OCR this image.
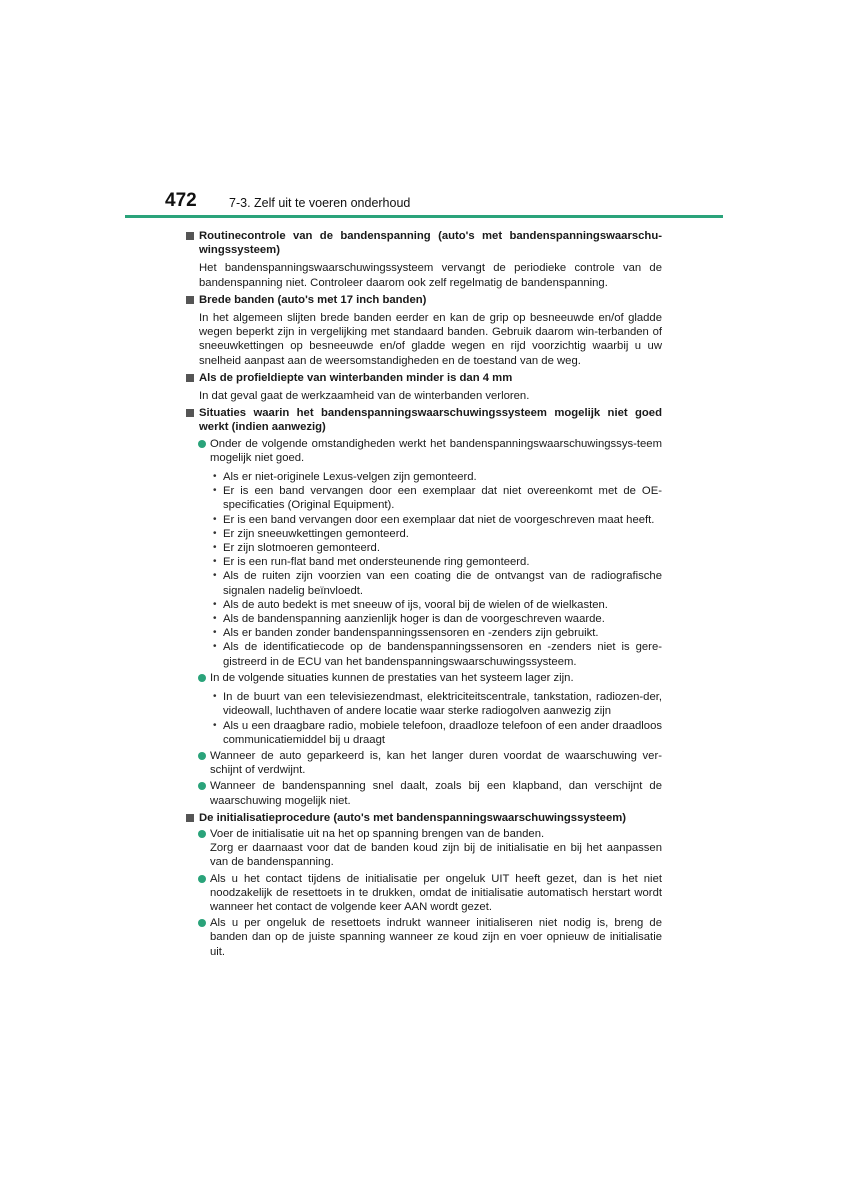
472	7-3. Zelf uit te voeren onderhoud
Routinecontrole van de bandenspanning (auto's met bandenspanningswaarschu-wingssysteem)
Het bandenspanningswaarschuwingssysteem vervangt de periodieke controle van de bandenspanning niet. Controleer daarom ook zelf regelmatig de bandenspanning.
Brede banden (auto's met 17 inch banden)
In het algemeen slijten brede banden eerder en kan de grip op besneeuwde en/of gladde wegen beperkt zijn in vergelijking met standaard banden. Gebruik daarom win-terbanden of sneeuwkettingen op besneeuwde en/of gladde wegen en rijd voorzichtig waarbij u uw snelheid aanpast aan de weersomstandigheden en de toestand van de weg.
Als de profieldiepte van winterbanden minder is dan 4 mm
In dat geval gaat de werkzaamheid van de winterbanden verloren.
Situaties waarin het bandenspanningswaarschuwingssysteem mogelijk niet goed werkt (indien aanwezig)
Onder de volgende omstandigheden werkt het bandenspanningswaarschuwingssys-teem mogelijk niet goed.
• Als er niet-originele Lexus-velgen zijn gemonteerd.
• Er is een band vervangen door een exemplaar dat niet overeenkomt met de OE-specificaties (Original Equipment).
• Er is een band vervangen door een exemplaar dat niet de voorgeschreven maat heeft.
• Er zijn sneeuwkettingen gemonteerd.
• Er zijn slotmoeren gemonteerd.
• Er is een run-flat band met ondersteunende ring gemonteerd.
• Als de ruiten zijn voorzien van een coating die de ontvangst van de radiografische signalen nadelig beïnvloedt.
• Als de auto bedekt is met sneeuw of ijs, vooral bij de wielen of de wielkasten.
• Als de bandenspanning aanzienlijk hoger is dan de voorgeschreven waarde.
• Als er banden zonder bandenspanningssensoren en -zenders zijn gebruikt.
• Als de identificatiecode op de bandenspanningssensoren en -zenders niet is gere-gistreerd in de ECU van het bandenspanningswaarschuwingssysteem.
In de volgende situaties kunnen de prestaties van het systeem lager zijn.
• In de buurt van een televisiezendmast, elektriciteitscentrale, tankstation, radiozen-der, videowall, luchthaven of andere locatie waar sterke radiogolven aanwezig zijn
• Als u een draagbare radio, mobiele telefoon, draadloze telefoon of een ander draadloos communicatiemiddel bij u draagt
Wanneer de auto geparkeerd is, kan het langer duren voordat de waarschuwing ver-schijnt of verdwijnt.
Wanneer de bandenspanning snel daalt, zoals bij een klapband, dan verschijnt de waarschuwing mogelijk niet.
De initialisatieprocedure (auto's met bandenspanningswaarschuwingssysteem)
Voer de initialisatie uit na het op spanning brengen van de banden.
Zorg er daarnaast voor dat de banden koud zijn bij de initialisatie en bij het aanpassen van de bandenspanning.
Als u het contact tijdens de initialisatie per ongeluk UIT heeft gezet, dan is het niet noodzakelijk de resettoets in te drukken, omdat de initialisatie automatisch herstart wordt wanneer het contact de volgende keer AAN wordt gezet.
Als u per ongeluk de resettoets indrukt wanneer initialiseren niet nodig is, breng de banden dan op de juiste spanning wanneer ze koud zijn en voer opnieuw de initialisatie uit.
